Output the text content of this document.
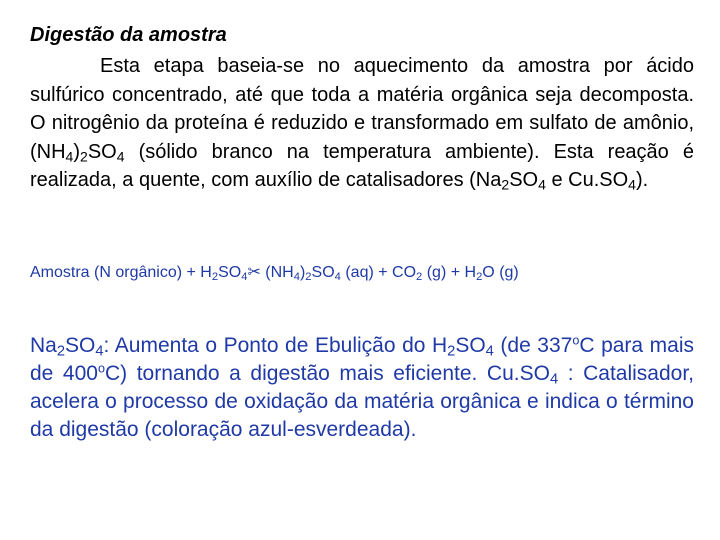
Digestão da amostra
Esta etapa baseia-se no aquecimento da amostra por ácido sulfúrico concentrado, até que toda a matéria orgânica seja decomposta. O nitrogênio da proteína é reduzido e transformado em sulfato de amônio, $(NH_4)_2SO_4$ (sólido branco na temperatura ambiente). Esta reação é realizada, a quente, com auxílio de catalisadores ($Na_2SO_4$ e $Cu.SO_4$).
Amostra (N orgânico) + $H_2SO_4✂$ $(NH_4)_2SO_4$ $(aq) + CO_2$ $(g) + H_2O$ (g)
$Na_2SO_4$: Aumenta o Ponto de Ebulição do $H_2SO_4$ (de 337$^o$C para mais de 400$^o$C) tornando a digestão mais eficiente. $Cu.SO_4$ : Catalisador, acelera o processo de oxidação da matéria orgânica e indica o término da digestão (coloração azul-esverdeada).
